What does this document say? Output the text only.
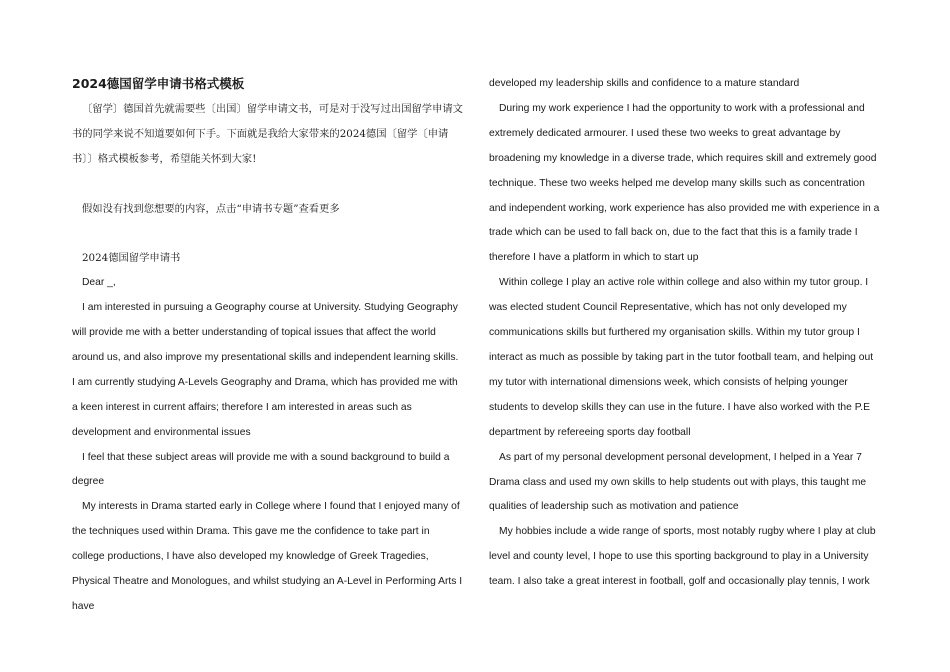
2024德国留学申请书格式模板

〔留学〕德国首先就需要些〔出国〕留学申请文书，可是对于没写过出国留学申请文书的同学来说不知道要如何下手。下面就是我给大家带来的2024德国〔留学〔申请书〕〕格式模板参考，希望能关怀到大家!

假如没有找到您想要的内容，点击“申请书专题”查看更多

2024德国留学申请书

Dear _,

I am interested in pursuing a Geography course at University. Studying Geography will provide me with a better understanding of topical issues that affect the world around us, and also improve my presentational skills and independent learning skills. I am currently studying A-Levels Geography and Drama, which has provided me with a keen interest in current affairs; therefore I am interested in areas such as development and environmental issues

I feel that these subject areas will provide me with a sound background to build a degree

My interests in Drama started early in College where I found that I enjoyed many of the techniques used within Drama. This gave me the confidence to take part in college productions, I have also developed my knowledge of Greek Tragedies, Physical Theatre and Monologues, and whilst studying an A-Level in Performing Arts I have

developed my leadership skills and confidence to a mature standard

During my work experience I had the opportunity to work with a professional and extremely dedicated armourer. I used these two weeks to great advantage by broadening my knowledge in a diverse trade, which requires skill and extremely good technique. These two weeks helped me develop many skills such as concentration and independent working, work experience has also provided me with experience in a trade which can be used to fall back on, due to the fact that this is a family trade I therefore I have a platform in which to start up

Within college I play an active role within college and also within my tutor group. I was elected student Council Representative, which has not only developed my communications skills but furthered my organisation skills. Within my tutor group I interact as much as possible by taking part in the tutor football team, and helping out my tutor with international dimensions week, which consists of helping younger students to develop skills they can use in the future. I have also worked with the P.E department by refereeing sports day football

As part of my personal development personal development, I helped in a Year 7 Drama class and used my own skills to help students out with plays, this taught me qualities of leadership such as motivation and patience

My hobbies include a wide range of sports, most notably rugby where I play at club level and county level, I hope to use this sporting background to play in a University team. I also take a great interest in football, golf and occasionally play tennis, I work
